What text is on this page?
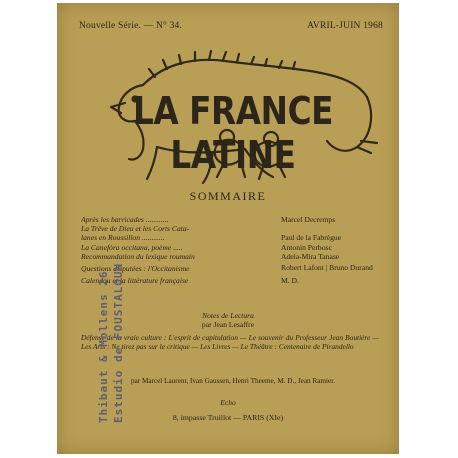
Nouvelle Série. — N° 34.	AVRIL-JUIN 1968
LA FRANCE LATINE
SOMMAIRE
Après les barricades ............	Marcel Decremps
La Trêve de Dieu et les Corts Cata-
lanes en Roussillon ............	Paul de la Fabrègue
La Canefòra occitana, poème .....	Antonin Perbosc
Recommandation du lexique roumain	Adela-Mira Tanase
Questions disputées : l'Occitanisme	Robert Lafont | Bruno Durand
Calendau et la littérature française	M. D.
Notes de Lectura
par Jean Lesaffre
Défense de la vraie culture : L'esprit de capitulation — Le souvenir du Professeur Jean Boutière — Les Arts : Ne tirez pas sur le critique — Les Livres — Le Théâtre : Centenaire de Pirandello
par Marcel Laurent, Ivan Gaussen, Henri Theeme, M. D., Jean Ramier.
Echo
8, impasse Truillot — PARIS (XIe)
Thibaut & Mollens 26 Estudio de FOUSTALOUN
